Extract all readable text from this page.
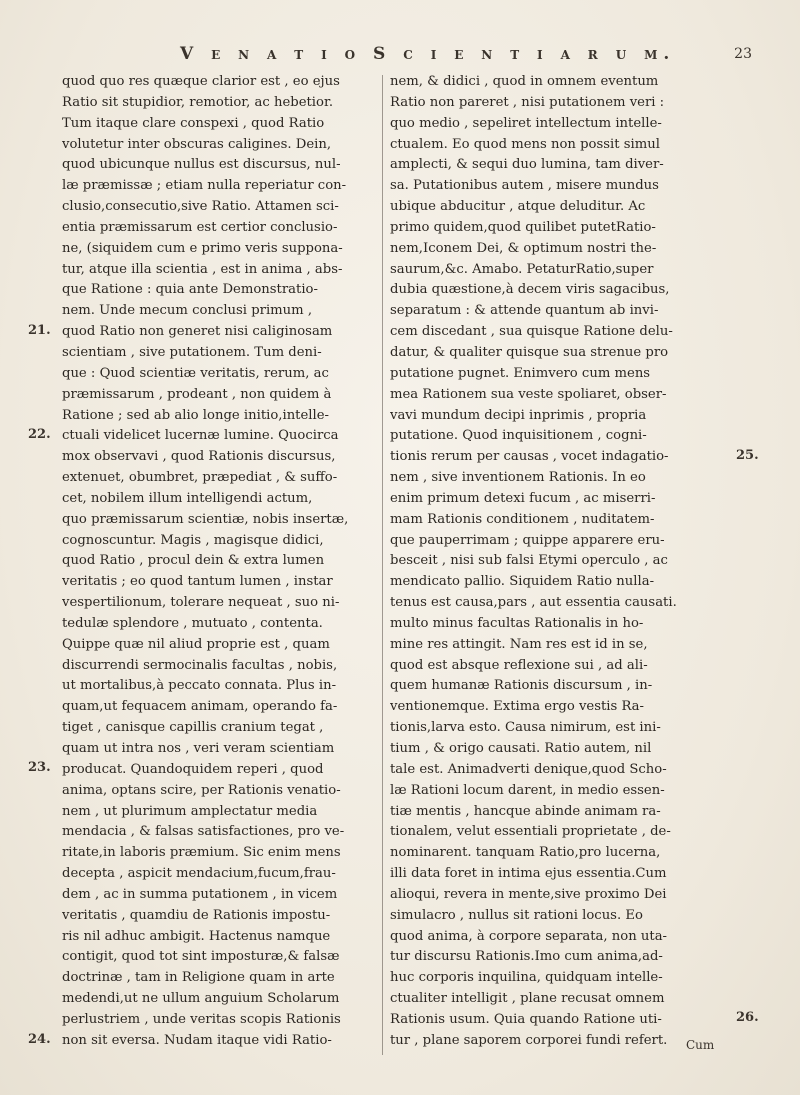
V e n a t i o S c i e n t i a r u m.	23
quod quo res quæque clarior est , eo ejus
Ratio sit stupidior, remotior, ac hebetior.
Tum itaque clare conspexi , quod Ratio
volutetur inter obscuras caligines. Dein,
quod ubicunque nullus est discursus, nul-
læ præmissæ ; etiam nulla reperiatur con-
clusio,consecutio,sive Ratio. Attamen sci-
entia præmissarum est certior conclusio-
ne, (siquidem cum e primo veris suppona-
tur, atque illa scientia , est in anima , abs-
que Ratione : quia ante Demonstratio-
nem. Unde mecum conclusi primum ,
quod Ratio non generet nisi caliginosam
scientiam , sive putationem. Tum deni-
que : Quod scientiæ veritatis, rerum, ac
præmissarum , prodeant , non quidem à
Ratione ; sed ab alio longe initio,intelle-
ctuali videlicet lucernæ lumine. Quocirca
mox observavi , quod Rationis discursus,
extenuet, obumbret, præpediat , & suffo-
cet, nobilem illum intelligendi actum,
quo præmissarum scientiæ, nobis insertæ,
cognoscuntur. Magis , magisque didici,
quod Ratio , procul dein & extra lumen
veritatis ; eo quod tantum lumen , instar
vespertilionum, tolerare nequeat , suo ni-
tedulæ splendore , mutuato , contenta.
Quippe quæ nil aliud proprie est , quam
discurrendi sermocinalis facultas , nobis,
ut mortalibus,à peccato connata. Plus in-
quam,ut fequacem animam, operando fa-
tiget , canisque capillis cranium tegat ,
quam ut intra nos , veri veram scientiam
producat. Quandoquidem reperi , quod
anima, optans scire, per Rationis venatio-
nem , ut plurimum amplectatur media
mendacia , & falsas satisfactiones, pro ve-
ritate,in laboris præmium. Sic enim mens
decepta , aspicit mendacium,fucum,frau-
dem , ac in summa putationem , in vicem
veritatis , quamdiu de Rationis impostu-
ris nil adhuc ambigit. Hactenus namque
contigit, quod tot sint imposturæ,& falsæ
doctrinæ , tam in Religione quam in arte
medendi,ut ne ullum anguium Scholarum
perlustriem , unde veritas scopis Rationis
non sit eversa. Nudam itaque vidi Ratio-
nem, & didici , quod in omnem eventum
Ratio non pareret , nisi putationem veri :
quo medio , sepeliret intellectum intelle-
ctualem. Eo quod mens non possit simul
amplecti, & sequi duo lumina, tam diver-
sa. Putationibus autem , misere mundus
ubique abducitur , atque deluditur. Ac
primo quidem,quod quilibet putetRatio-
nem,Iconem Dei, & optimum nostri the-
saurum,&c. Amabo. PetaturRatio,super
dubia quæstione,à decem viris sagacibus,
separatum : & attende quantum ab invi-
cem discedant , sua quisque Ratione delu-
datur, & qualiter quisque sua strenue pro
putatione pugnet. Enimvero cum mens
mea Rationem sua veste spoliaret, obser-
vavi mundum decipi inprimis , propria
putatione. Quod inquisitionem , cogni-
tionis rerum per causas , vocet indagatio-
nem , sive inventionem Rationis. In eo
enim primum detexi fucum , ac miserri-
mam Rationis conditionem , nuditatem-
que pauperrimam ; quippe apparere eru-
besceit , nisi sub falsi Etymi operculo , ac
mendicato pallio. Siquidem Ratio nulla-
tenus est causa,pars , aut essentia causati.
multo minus facultas Rationalis in ho-
mine res attingit. Nam res est id in se,
quod est absque reflexione sui , ad ali-
quem humanæ Rationis discursum , in-
ventionemque. Extima ergo vestis Ra-
tionis,larva esto. Causa nimirum, est ini-
tium , & origo causati. Ratio autem, nil
tale est. Animadverti denique,quod Scho-
læ Rationi locum darent, in medio essen-
tiæ mentis , hancque abinde animam ra-
tionalem, velut essentiali proprietate , de-
nominarent. tanquam Ratio,pro lucerna,
illi data foret in intima ejus essentia.Cum
alioqui, revera in mente,sive proximo Dei
simulacro , nullus sit rationi locus. Eo
quod anima, à corpore separata, non uta-
tur discursu Rationis.Imo cum anima,ad-
huc corporis inquilina, quidquam intelle-
ctualiter intelligit , plane recusat omnem
Rationis usum. Quia quando Ratione uti-
tur , plane saporem corporei fundi refert.
21.
22.
23.
24.
25.
26.
Cum
